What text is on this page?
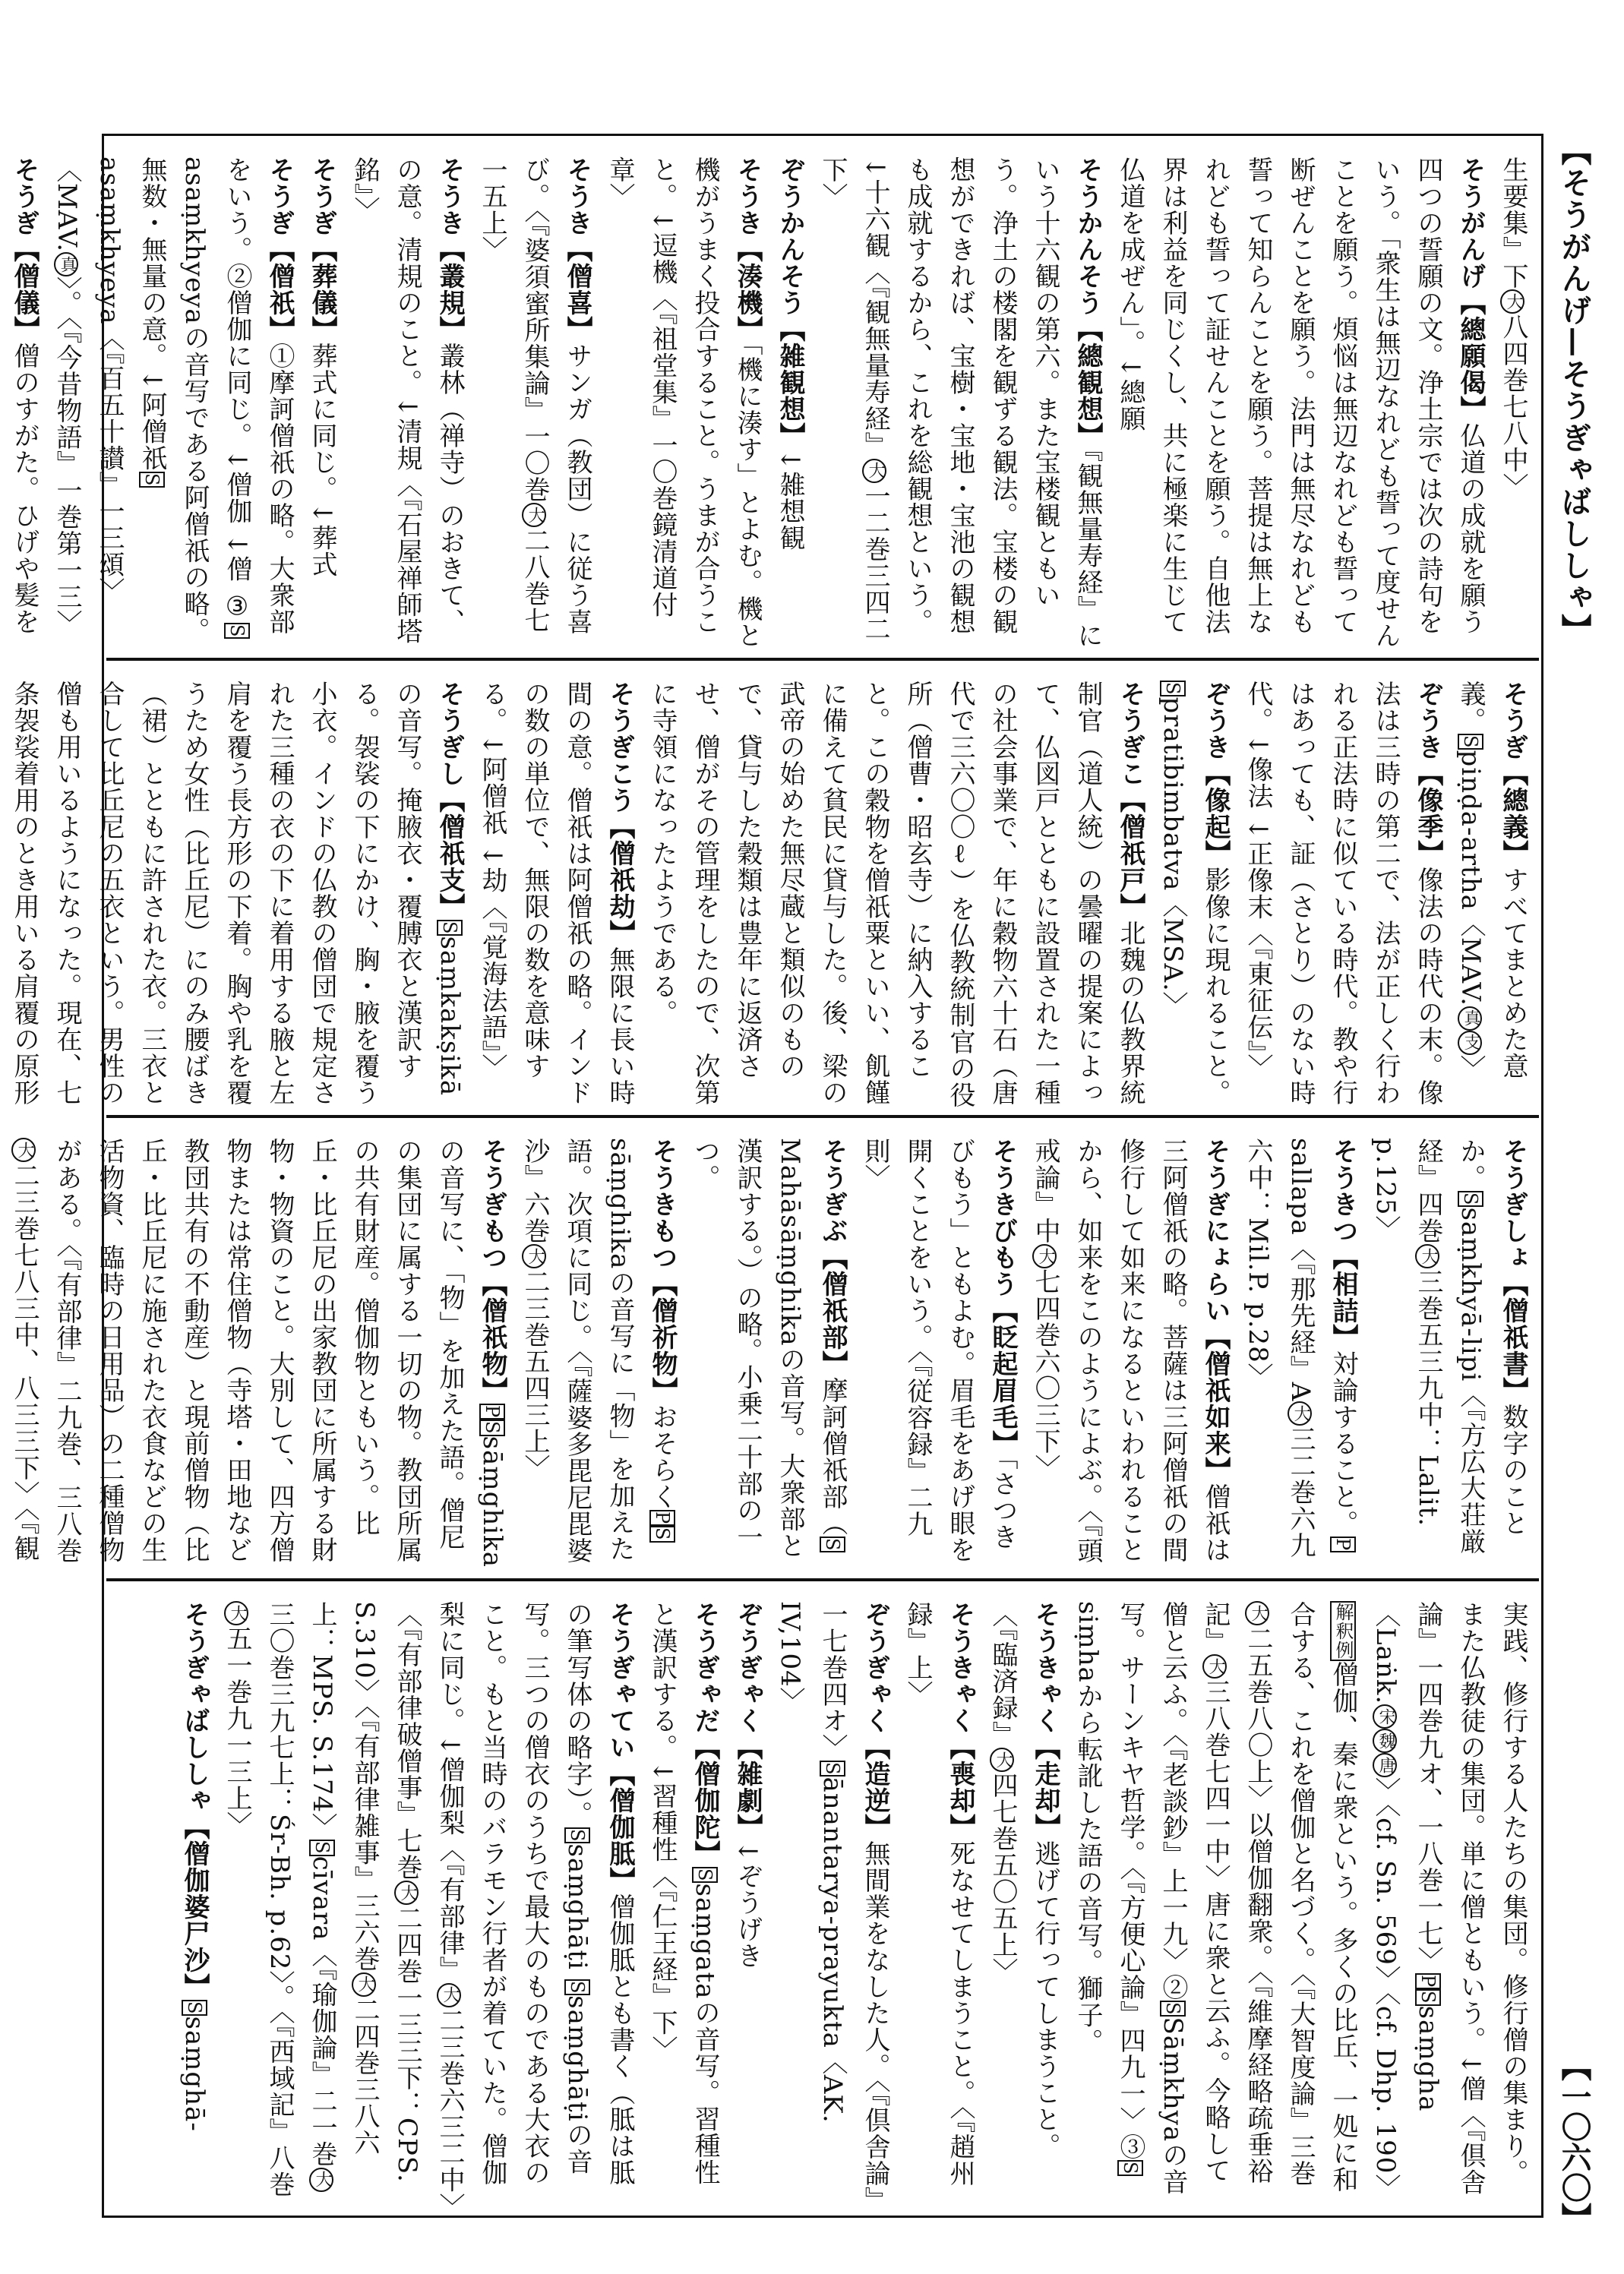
【そうがんげ—そうぎゃばししゃ】
【一〇六〇】

生要集』下大八四巻七八中〉

そうがんげ【總願偈】仏道の成就を願う四つの誓願の文。浄土宗では次の詩句をいう。「衆生は無辺なれども誓って度せんことを願う。煩悩は無辺なれども誓って断ぜんことを願う。法門は無尽なれども誓って知らんことを願う。菩提は無上なれども誓って証せんことを願う。自他法界は利益を同じくし、共に極楽に生じて仏道を成ぜん」。↓總願

そうかんそう【總観想】『観無量寿経』にいう十六観の第六。また宝楼観ともいう。浄土の楼閣を観ずる観法。宝楼の観想ができれば、宝樹・宝地・宝池の観想も成就するから、これを総観想という。↓十六観〈『観無量寿経』大一二巻三四二下〉

ぞうかんそう【雑観想】↓雑想観

そうき【湊機】「機に湊す」とよむ。機と機がうまく投合すること。うまが合うこと。↓逗機〈『祖堂集』一〇巻鏡清道付章〉

そうき【僧喜】サンガ（教団）に従う喜び。〈『婆須蜜所集論』一〇巻大二八巻七一五上〉

そうき【叢規】叢林（禅寺）のおきて、の意。清規のこと。↓清規〈『石屋禅師塔銘』〉

そうぎ【葬儀】葬式に同じ。↓葬式

そうぎ【僧祇】①摩訶僧祇の略。大衆部をいう。②僧伽に同じ。↓僧伽 ↓僧 ③Sasaṃkhyeyaの音写である阿僧祇の略。無数・無量の意。↓阿僧祇Sasaṃkhyeya〈『百五十讃』一三頌〉〈MAV.真〉。〈『今昔物語』一巻第一三〉

そうぎ【僧儀】僧のすがた。ひげや髪を

そうぎ【總義】すべてまとめた意義。Spiṇḍa-artha〈MAV.真支〉

ぞうき【像季】像法の時代の末。像法は三時の第二で、法が正しく行われる正法時に似ている時代。教や行はあっても、証（さとり）のない時代。↓像法 ↓正像末〈『東征伝』〉

ぞうき【像起】影像に現れること。Spratibimbatva〈MSA.〉

そうぎこ【僧祇戸】北魏の仏教界統制官（道人統）の曇曜の提案によって、仏図戸とともに設置された一種の社会事業で、年に穀物六十石（唐代で三六〇〇ℓ）を仏教統制官の役所（僧曹・昭玄寺）に納入すること。この穀物を僧祇粟といい、飢饉に備えて貧民に貸与した。後、梁の武帝の始めた無尽蔵と類似のもので、貸与した穀類は豊年に返済させ、僧がその管理をしたので、次第に寺領になったようである。

そうぎこう【僧祇劫】無限に長い時間の意。僧祇は阿僧祇の略。インドの数の単位で、無限の数を意味する。↓阿僧祇 ↓劫〈『覚海法語』〉

そうぎし【僧祇支】Ssaṃkakṣikāの音写。掩腋衣・覆膊衣と漢訳する。袈裟の下にかけ、胸・腋を覆う小衣。インドの仏教の僧団で規定された三種の衣の下に着用する腋と左肩を覆う長方形の下着。胸や乳を覆うため女性（比丘尼）にのみ腰ばき（裙）とともに許された衣。三衣と合して比丘尼の五衣という。男性の僧も用いるようになった。現在、七条袈裟着用のとき用いる肩覆の原形

そうぎしょ【僧祇書】数字のことか。Ssaṃkhyā-lipi〈『方広大荘厳経』四巻大三巻五三九中：Lalit. p.125〉

そうきつ【相詰】対論すること。Psallapa〈『那先経』A大三二巻六九六中：Mil.P. p.28〉

そうぎにょらい【僧祇如来】僧祇は三阿僧祇の略。菩薩は三阿僧祇の間修行して如来になるといわれることから、如来をこのようによぶ。〈『頭戒論』中大七四巻六〇三下〉

そうきびもう【眨起眉毛】「さつきびもう」ともよむ。眉毛をあげ眼を開くことをいう。〈『従容録』二九則〉

そうぎぶ【僧祇部】摩訶僧祇部（SMahāsāṃghikaの音写。大衆部と漢訳する。）の略。小乗二十部の一つ。

そうきもつ【僧祈物】おそらくPSsāṃghikaの音写に「物」を加えた語。次項に同じ。〈『薩婆多毘尼毘婆沙』六巻大二三巻五四三上〉

そうぎもつ【僧祇物】PSsāṃghikaの音写に、「物」を加えた語。僧尼の集団に属する一切の物。教団所属の共有財産。僧伽物ともいう。比丘・比丘尼の出家教団に所属する財物・物資のこと。大別して、四方僧物または常住僧物（寺塔・田地など教団共有の不動産）と現前僧物（比丘・比丘尼に施された衣食などの生活物資、臨時の日用品）の二種僧物がある。〈『有部律』二九巻、三八巻大二三巻七八三中、八三三下〉〈『観

実践、修行する人たちの集団。修行僧の集まり。また仏教徒の集団。単に僧ともいう。↓僧〈『倶舎論』一四巻九オ、一八巻一七〉PSsaṃgha〈Laṅk.宋魏唐〉〈cf. Sn. 569〉〈cf. Dhp. 190〉解釈例僧伽、秦に衆という。多くの比丘、一処に和合する、これを僧伽と名づく。〈『大智度論』三巻大二五巻八〇上〉以僧伽翻衆。〈『維摩経略疏垂裕記』大三八巻七四一中〉唐に衆と云ふ。今略して僧と云ふ。〈『老談鈔』上一九〉②SSāṃkhyaの音写。サーンキヤ哲学。〈『方便心論』四九一〉③Ssiṃhaから転訛した語の音写。獅子。

そうきゃく【走却】逃げて行ってしまうこと。〈『臨済録』大四七巻五〇五上〉

そうきゃく【喪却】死なせてしまうこと。〈『趙州録』上〉

ぞうぎゃく【造逆】無間業をなした人。〈『倶舎論』一七巻四オ〉Sānantarya-prayukta〈AK. IV,104〉

ぞうぎゃく【雑劇】↓ぞうげき

そうぎゃだ【僧伽陀】Ssaṃgataの音写。習種性と漢訳する。↓習種性〈『仁王経』下〉

そうぎゃてい【僧伽胝】僧伽胝とも書く（胝は胝の筆写体の略字）。Ssaṃghāṭi Ssaṃghāṭiの音写。三つの僧衣のうちで最大のものである大衣のこと。もと当時のバラモン行者が着ていた。僧伽梨に同じ。↓僧伽梨〈『有部律』大二三巻六三二中〉〈『有部律破僧事』七巻大二四巻一三三下：CPS. S.310〉〈『有部律雑事』三六巻大二四巻三八六上：MPS. S.174〉Scīvara〈『瑜伽論』二一巻大三〇巻三九七上：Śr-Bh. p.62〉。〈『西域記』八巻大五一巻九一三上〉

そうぎゃばししゃ【僧伽婆尸沙】Ssaṃghā-
